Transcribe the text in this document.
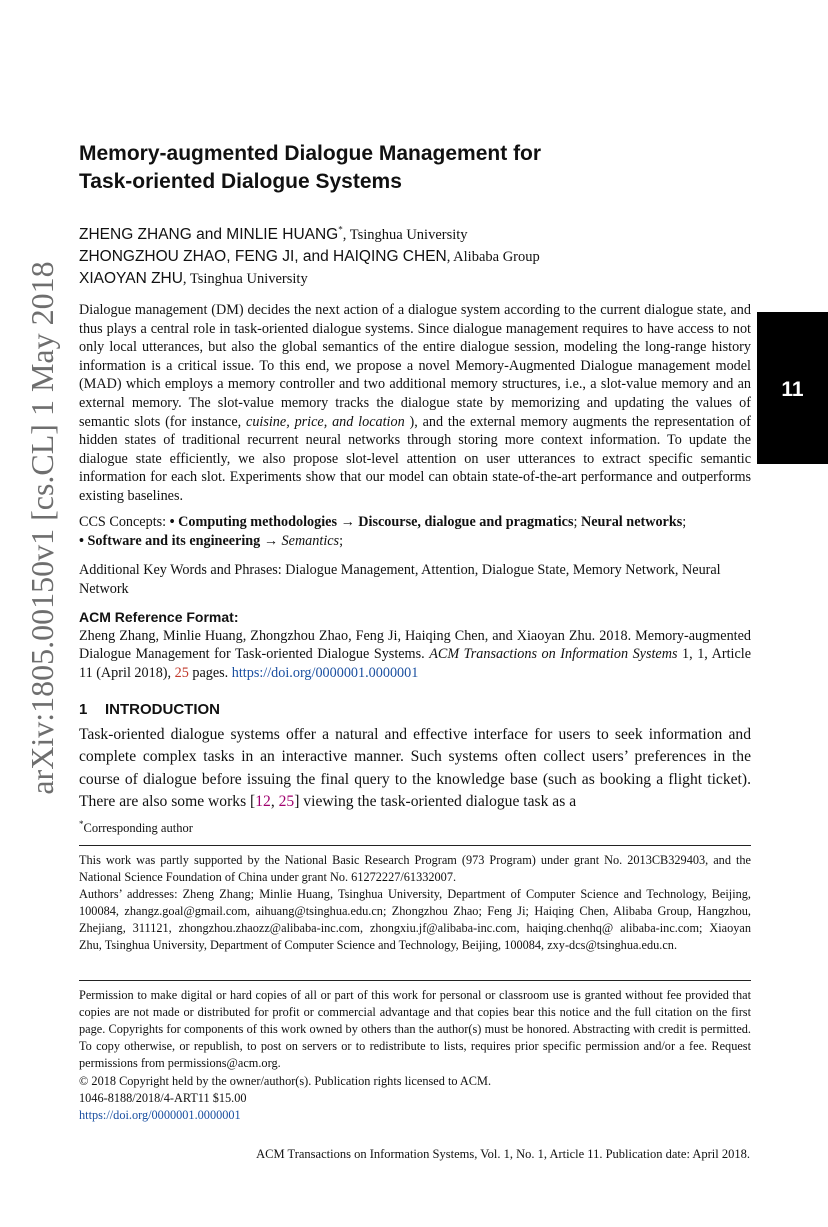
arXiv:1805.00150v1 [cs.CL] 1 May 2018	11
Memory-augmented Dialogue Management for
Task-oriented Dialogue Systems
ZHENG ZHANG and MINLIE HUANG*, Tsinghua University
ZHONGZHOU ZHAO, FENG JI, and HAIQING CHEN, Alibaba Group
XIAOYAN ZHU, Tsinghua University
Dialogue management (DM) decides the next action of a dialogue system according to the current dialogue state, and thus plays a central role in task-oriented dialogue systems. Since dialogue management requires to have access to not only local utterances, but also the global semantics of the entire dialogue session, modeling the long-range history information is a critical issue. To this end, we propose a novel Memory-Augmented Dialogue management model (MAD) which employs a memory controller and two additional memory structures, i.e., a slot-value memory and an external memory. The slot-value memory tracks the dialogue state by memorizing and updating the values of semantic slots (for instance, cuisine, price, and location ), and the external memory augments the representation of hidden states of traditional recurrent neural networks through storing more context information. To update the dialogue state efficiently, we also propose slot-level attention on user utterances to extract specific semantic information for each slot. Experiments show that our model can obtain state-of-the-art performance and outperforms existing baselines.
CCS Concepts: • Computing methodologies → Discourse, dialogue and pragmatics; Neural networks;
• Software and its engineering → Semantics;
Additional Key Words and Phrases: Dialogue Management, Attention, Dialogue State, Memory Network, Neural Network
ACM Reference Format:
Zheng Zhang, Minlie Huang, Zhongzhou Zhao, Feng Ji, Haiqing Chen, and Xiaoyan Zhu. 2018. Memory-augmented Dialogue Management for Task-oriented Dialogue Systems. ACM Transactions on Information Systems 1, 1, Article 11 (April 2018), 25 pages. https://doi.org/0000001.0000001
1 INTRODUCTION
Task-oriented dialogue systems offer a natural and effective interface for users to seek information and complete complex tasks in an interactive manner. Such systems often collect users’ preferences in the course of dialogue before issuing the final query to the knowledge base (such as booking a flight ticket). There are also some works [12, 25] viewing the task-oriented dialogue task as a
*Corresponding author
This work was partly supported by the National Basic Research Program (973 Program) under grant No. 2013CB329403, and the National Science Foundation of China under grant No. 61272227/61332007.
Authors’ addresses: Zheng Zhang; Minlie Huang, Tsinghua University, Department of Computer Science and Technology, Beijing, 100084, zhangz.goal@gmail.com, aihuang@tsinghua.edu.cn; Zhongzhou Zhao; Feng Ji; Haiqing Chen, Alibaba Group, Hangzhou, Zhejiang, 311121, zhongzhou.zhaozz@alibaba-inc.com, zhongxiu.jf@alibaba-inc.com, haiqing.chenhq@ alibaba-inc.com; Xiaoyan Zhu, Tsinghua University, Department of Computer Science and Technology, Beijing, 100084, zxy-dcs@tsinghua.edu.cn.
Permission to make digital or hard copies of all or part of this work for personal or classroom use is granted without fee provided that copies are not made or distributed for profit or commercial advantage and that copies bear this notice and the full citation on the first page. Copyrights for components of this work owned by others than the author(s) must be honored. Abstracting with credit is permitted. To copy otherwise, or republish, to post on servers or to redistribute to lists, requires prior specific permission and/or a fee. Request permissions from permissions@acm.org.
© 2018 Copyright held by the owner/author(s). Publication rights licensed to ACM.
1046-8188/2018/4-ART11 $15.00
https://doi.org/0000001.0000001
ACM Transactions on Information Systems, Vol. 1, No. 1, Article 11. Publication date: April 2018.
